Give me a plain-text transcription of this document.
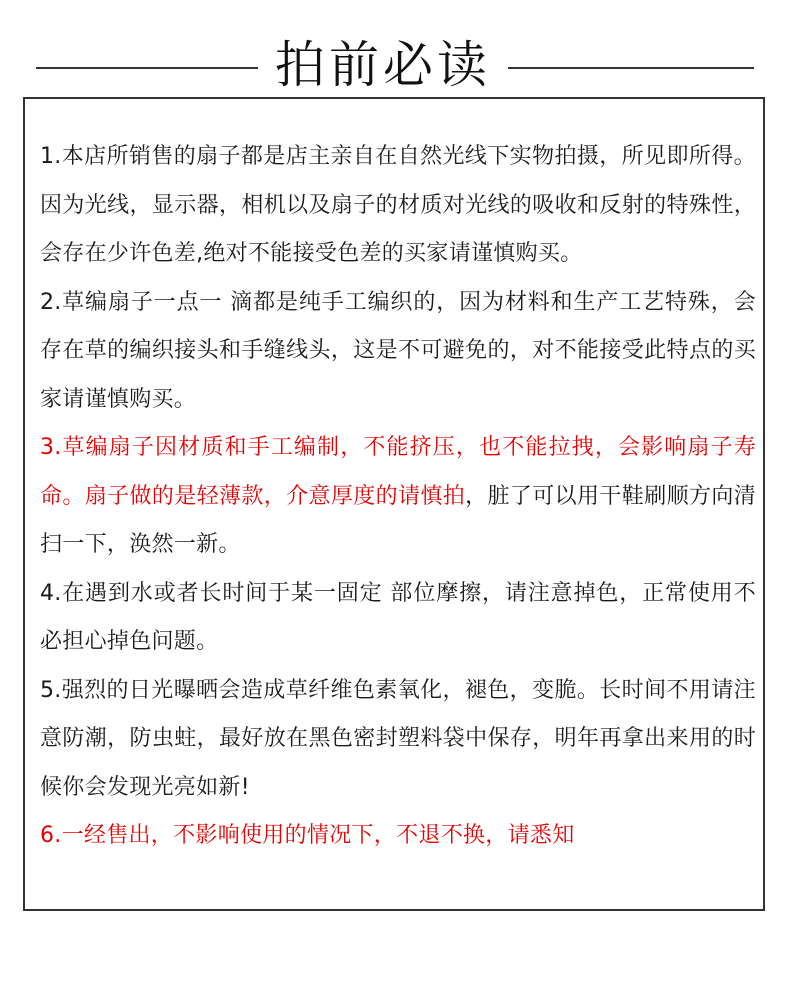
拍前必读

1.本店所销售的扇子都是店主亲自在自然光线下实物拍摄，所见即所得。因为光线，显示器，相机以及扇子的材质对光线的吸收和反射的特殊性，会存在少许色差,绝对不能接受色差的买家请谨慎购买。

2.草编扇子一点一 滴都是纯手工编织的，因为材料和生产工艺特殊，会存在草的编织接头和手缝线头，这是不可避免的，对不能接受此特点的买家请谨慎购买。

3.草编扇子因材质和手工编制，不能挤压，也不能拉拽，会影响扇子寿命。扇子做的是轻薄款，介意厚度的请慎拍，脏了可以用干鞋刷顺方向清扫一下，涣然一新。

4.在遇到水或者长时间于某一固定 部位摩擦，请注意掉色，正常使用不必担心掉色问题。

5.强烈的日光曝晒会造成草纤维色素氧化，褪色，变脆。长时间不用请注意防潮，防虫蛀，最好放在黑色密封塑料袋中保存，明年再拿出来用的时候你会发现光亮如新!

6.一经售出，不影响使用的情况下，不退不换，请悉知
